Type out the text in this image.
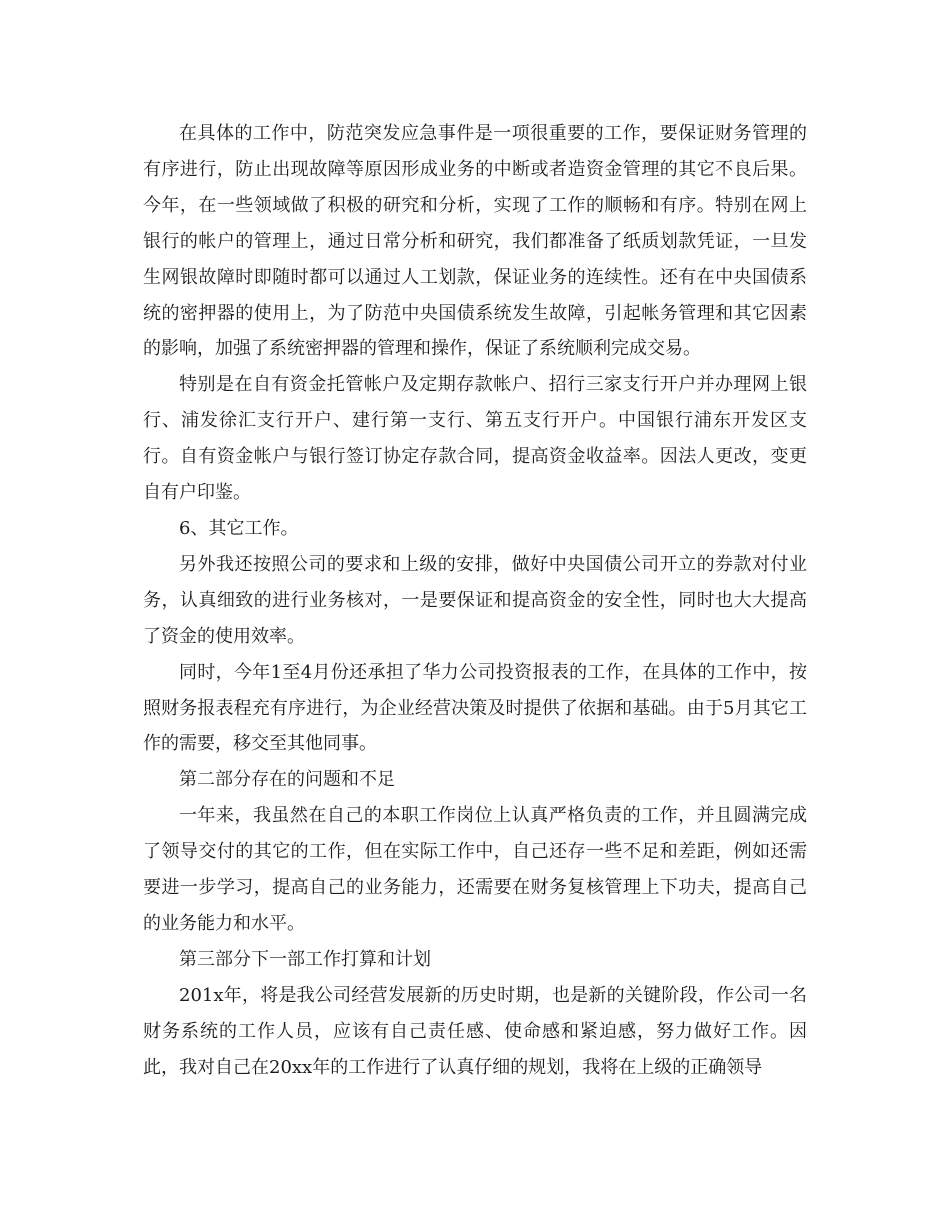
在具体的工作中，防范突发应急事件是一项很重要的工作，要保证财务管理的有序进行，防止出现故障等原因形成业务的中断或者造资金管理的其它不良后果。今年，在一些领域做了积极的研究和分析，实现了工作的顺畅和有序。特别在网上银行的帐户的管理上，通过日常分析和研究，我们都准备了纸质划款凭证，一旦发生网银故障时即随时都可以通过人工划款，保证业务的连续性。还有在中央国债系统的密押器的使用上，为了防范中央国债系统发生故障，引起帐务管理和其它因素的影响，加强了系统密押器的管理和操作，保证了系统顺利完成交易。

特别是在自有资金托管帐户及定期存款帐户、招行三家支行开户并办理网上银行、浦发徐汇支行开户、建行第一支行、第五支行开户。中国银行浦东开发区支行。自有资金帐户与银行签订协定存款合同，提高资金收益率。因法人更改，变更自有户印鉴。

6、其它工作。

另外我还按照公司的要求和上级的安排，做好中央国债公司开立的券款对付业务，认真细致的进行业务核对，一是要保证和提高资金的安全性，同时也大大提高了资金的使用效率。

同时，今年1至4月份还承担了华力公司投资报表的工作，在具体的工作中，按照财务报表程充有序进行，为企业经营决策及时提供了依据和基础。由于5月其它工作的需要，移交至其他同事。

第二部分存在的问题和不足

一年来，我虽然在自己的本职工作岗位上认真严格负责的工作，并且圆满完成了领导交付的其它的工作，但在实际工作中，自己还存一些不足和差距，例如还需要进一步学习，提高自己的业务能力，还需要在财务复核管理上下功夫，提高自己的业务能力和水平。

第三部分下一部工作打算和计划

201x年，将是我公司经营发展新的历史时期，也是新的关键阶段，作公司一名财务系统的工作人员，应该有自己责任感、使命感和紧迫感，努力做好工作。因此，我对自己在20xx年的工作进行了认真仔细的规划，我将在上级的正确领导
